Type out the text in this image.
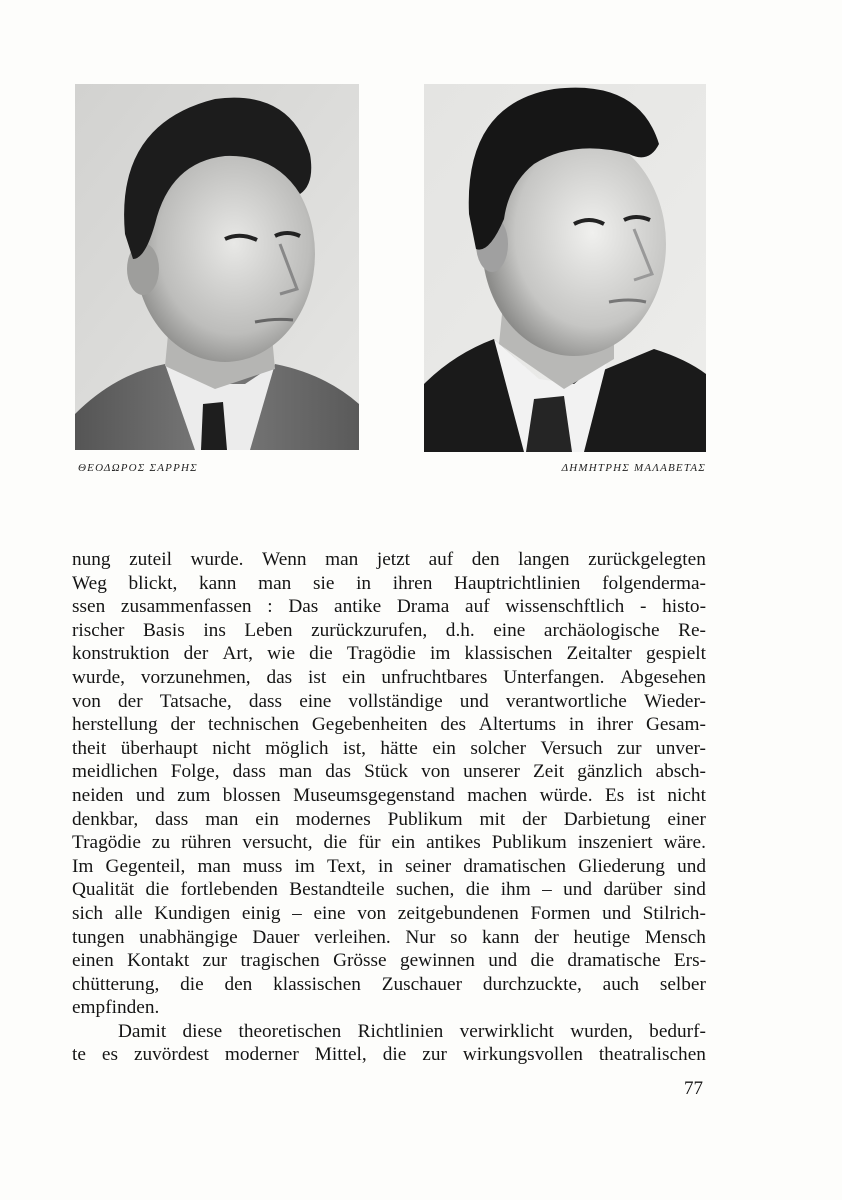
ΘΕΟΔΩΡΟΣ ΣΑΡΡΗΣ	ΔΗΜΗΤΡΗΣ ΜΑΛΑΒΕΤΑΣ
nung zuteil wurde. Wenn man jetzt auf den langen zurückgelegten
Weg blickt, kann man sie in ihren Hauptrichtlinien folgenderma-
ssen zusammenfassen : Das antike Drama auf wissenschftlich - histo-
rischer Basis ins Leben zurückzurufen, d.h. eine archäologische Re-
konstruktion der Art, wie die Tragödie im klassischen Zeitalter gespielt
wurde, vorzunehmen, das ist ein unfruchtbares Unterfangen. Abgesehen
von der Tatsache, dass eine vollständige und verantwortliche Wieder-
herstellung der technischen Gegebenheiten des Altertums in ihrer Gesam-
theit überhaupt nicht möglich ist, hätte ein solcher Versuch zur unver-
meidlichen Folge, dass man das Stück von unserer Zeit gänzlich absch-
neiden und zum blossen Museumsgegenstand machen würde. Es ist nicht
denkbar, dass man ein modernes Publikum mit der Darbietung einer
Tragödie zu rühren versucht, die für ein antikes Publikum inszeniert wäre.
Im Gegenteil, man muss im Text, in seiner dramatischen Gliederung und
Qualität die fortlebenden Bestandteile suchen, die ihm – und darüber sind
sich alle Kundigen einig – eine von zeitgebundenen Formen und Stilrich-
tungen unabhängige Dauer verleihen. Nur so kann der heutige Mensch
einen Kontakt zur tragischen Grösse gewinnen und die dramatische Ers-
chütterung, die den klassischen Zuschauer durchzuckte, auch selber
empfinden.
Damit diese theoretischen Richtlinien verwirklicht wurden, bedurf-
te es zuvördest moderner Mittel, die zur wirkungsvollen theatralischen
77
